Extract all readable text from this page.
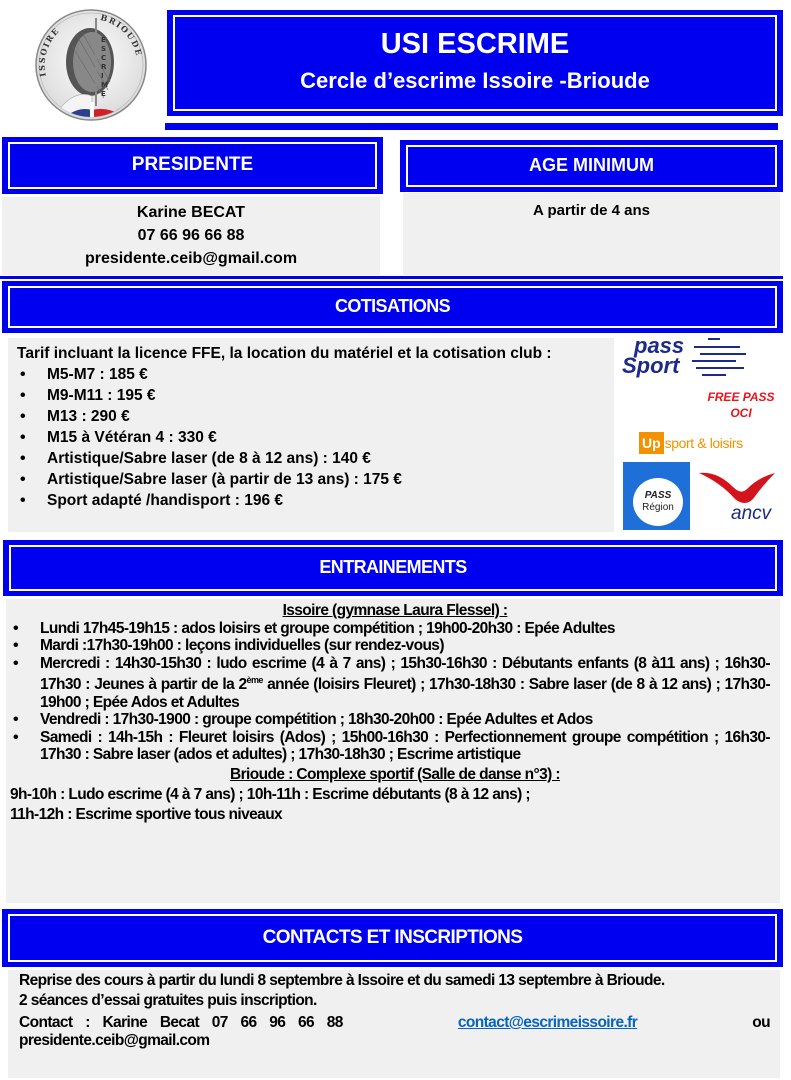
ISSOIRE
BRIOUDE
E S C R I M E
USI ESCRIME
Cercle d’escrime Issoire -Brioude
PRESIDENTE
Karine BECAT
07 66 96 66 88
presidente.ceib@gmail.com
AGE MINIMUM
A partir de 4 ans
COTISATIONS
Tarif incluant la licence FFE, la location du matériel et la cotisation club :
• M5-M7 : 185 €
• M9-M11 : 195 €
• M13 : 290 €
• M15 à Vétéran 4 : 330 €
• Artistique/Sabre laser (de 8 à 12 ans) : 140 €
• Artistique/Sabre laser (à partir de 13 ans) : 175 €
• Sport adapté /handisport : 196 €
pass
Sport
FREE PASS
OCI
Up sport & loisirs
PASS
Région	ancv
ENTRAINEMENTS
Issoire (gymnase Laura Flessel) :
• Lundi 17h45-19h15 : ados loisirs et groupe compétition ; 19h00-20h30 : Epée Adultes
• Mardi :17h30-19h00 : leçons individuelles (sur rendez-vous)
• Mercredi : 14h30-15h30 : ludo escrime (4 à 7 ans) ; 15h30-16h30 : Débutants enfants (8 à11 ans) ; 16h30-17h30 : Jeunes à partir de la 2ème année (loisirs Fleuret) ; 17h30-18h30 : Sabre laser (de 8 à 12 ans) ; 17h30-19h00 ; Epée Ados et Adultes
• Vendredi : 17h30-1900 : groupe compétition ; 18h30-20h00 : Epée Adultes et Ados
• Samedi : 14h-15h : Fleuret loisirs (Ados) ; 15h00-16h30 : Perfectionnement groupe compétition ; 16h30-17h30 : Sabre laser (ados et adultes) ; 17h30-18h30 ; Escrime artistique
Brioude : Complexe sportif (Salle de danse n°3) :
9h-10h : Ludo escrime (4 à 7 ans) ; 10h-11h : Escrime débutants (8 à 12 ans) ;
11h-12h : Escrime sportive tous niveaux
CONTACTS ET INSCRIPTIONS
Reprise des cours à partir du lundi 8 septembre à Issoire et du samedi 13 septembre à Brioude.
2 séances d’essai gratuites puis inscription.
Contact : Karine Becat 07 66 96 66 88	contact@escrimeissoire.fr	ou
presidente.ceib@gmail.com
